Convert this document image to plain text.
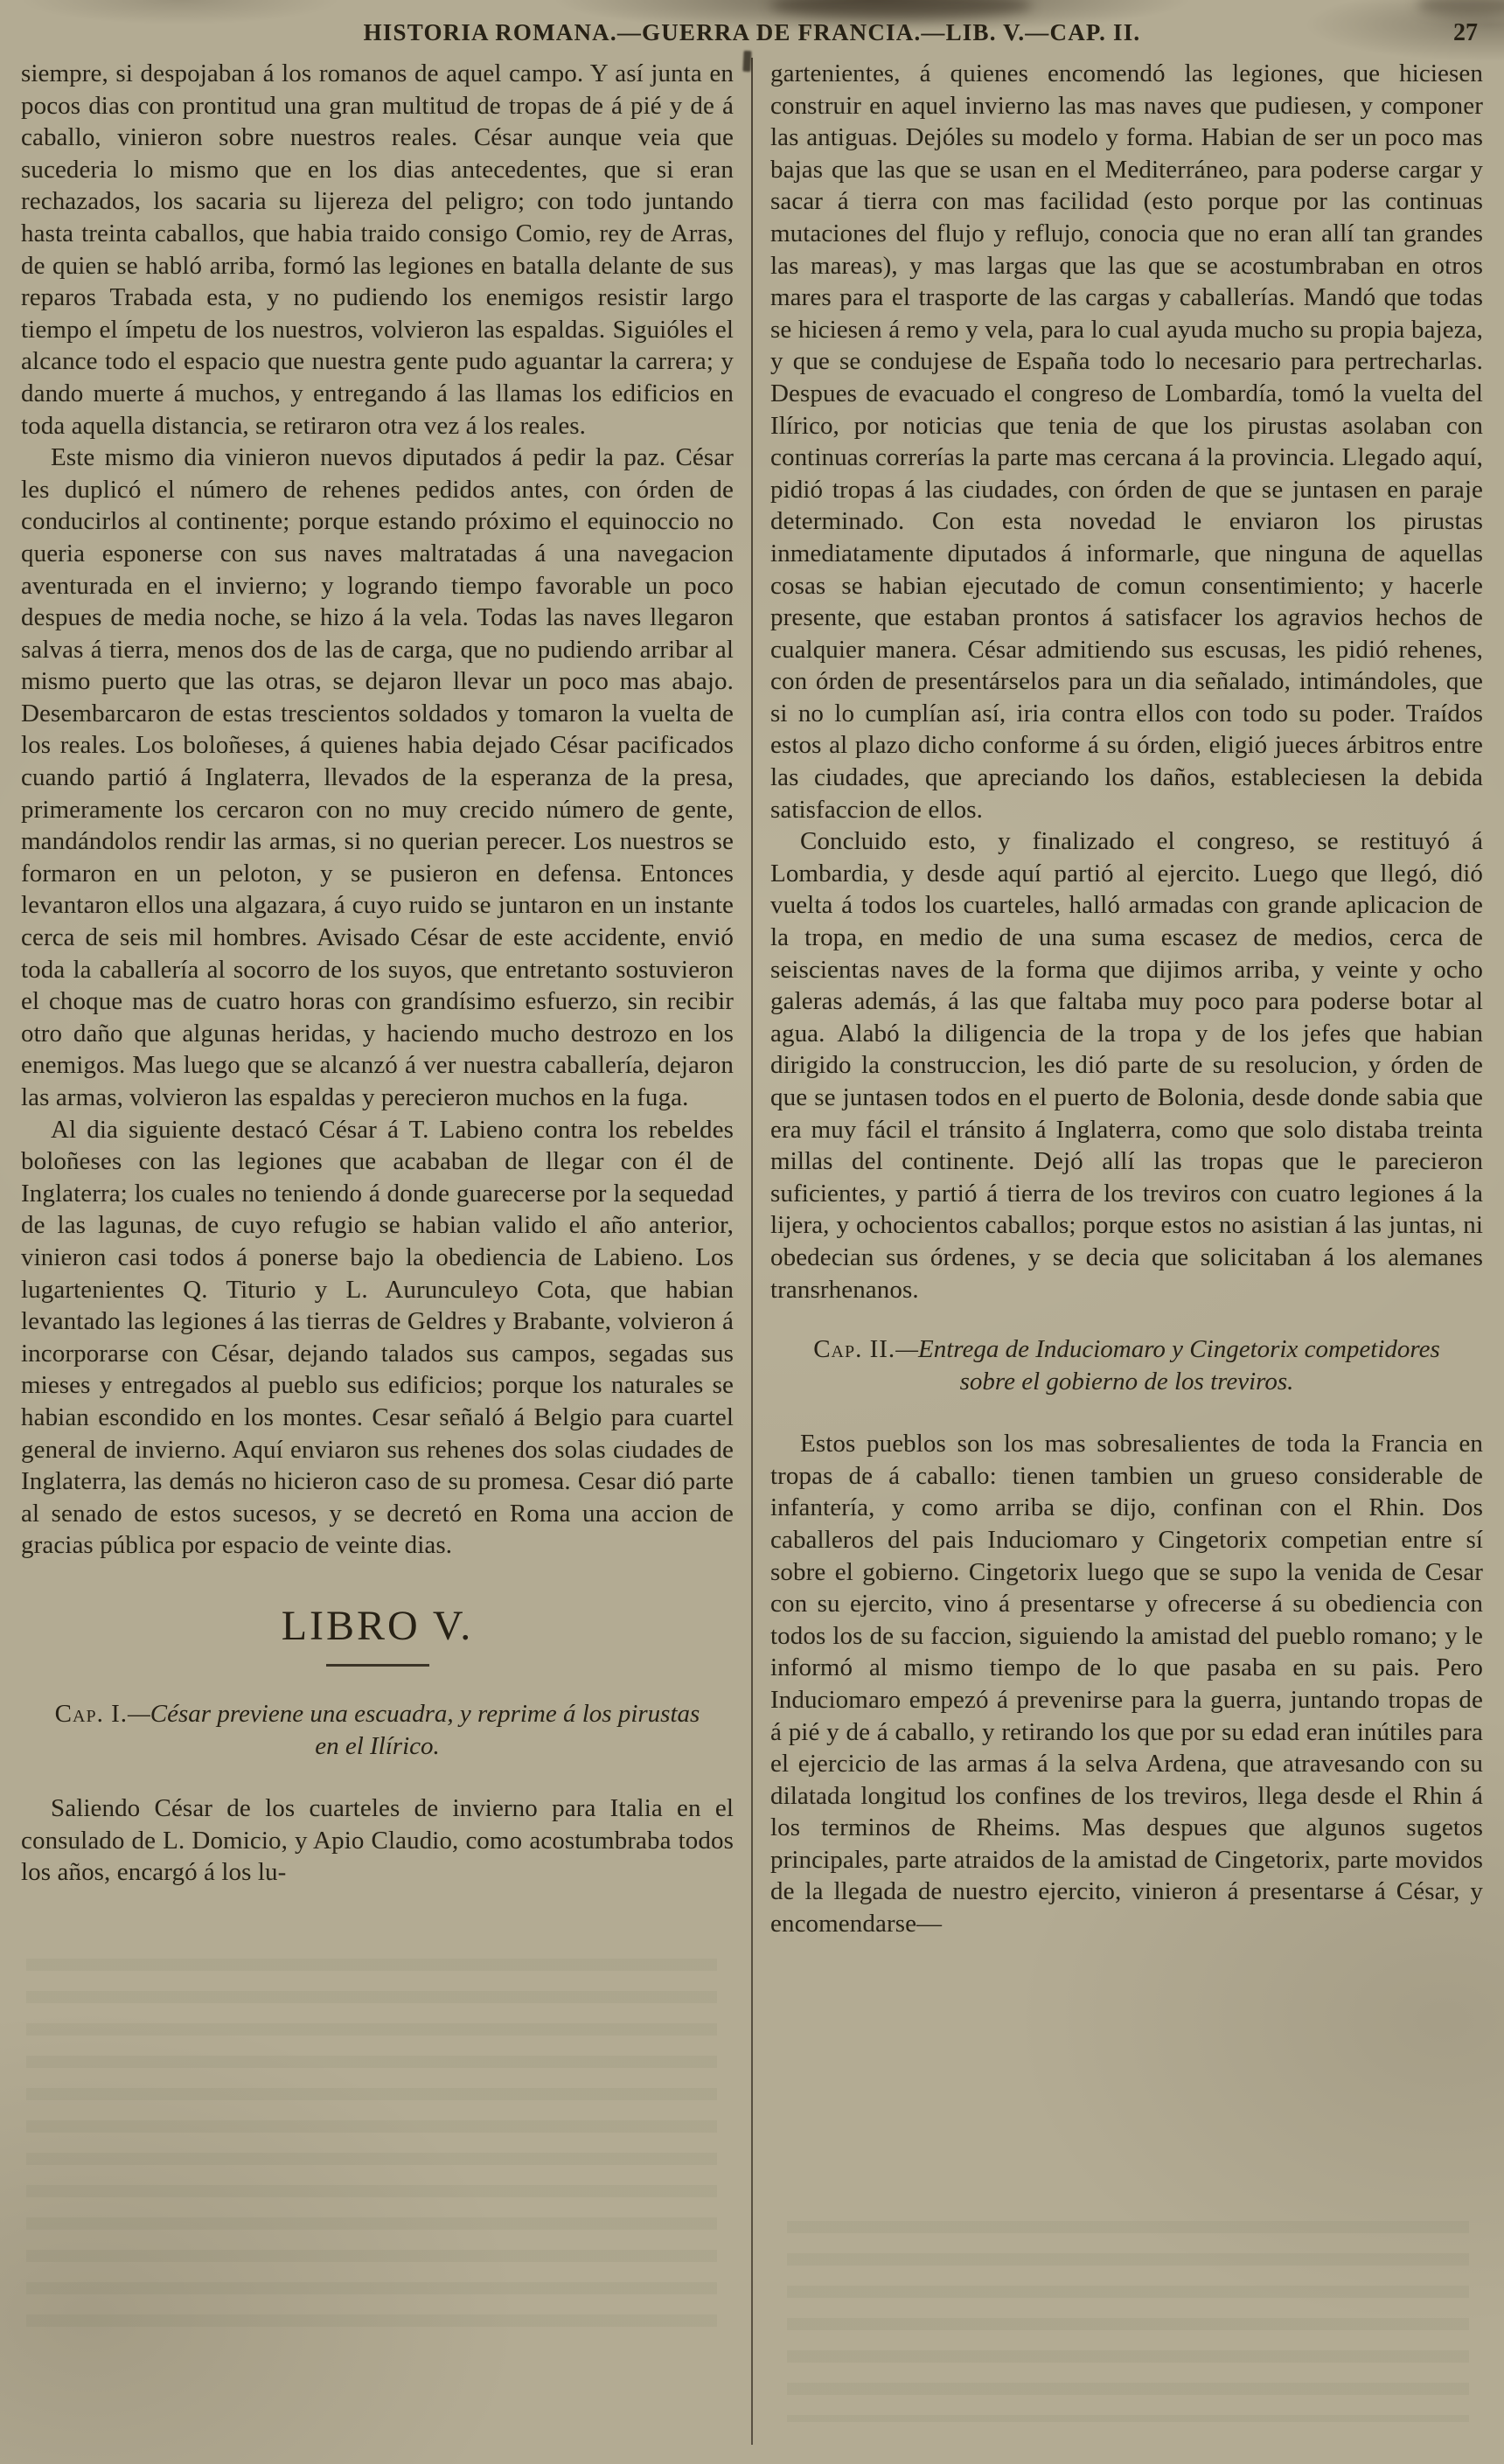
HISTORIA ROMANA.—GUERRA DE FRANCIA.—LIB. V.—CAP. II.	27

siempre, si despojaban á los romanos de aquel campo. Y así junta en pocos dias con prontitud una gran multitud de tropas de á pié y de á caballo, vinieron sobre nuestros reales. César aunque veia que sucederia lo mismo que en los dias antecedentes, que si eran rechazados, los sacaria su lijereza del peligro; con todo juntando hasta treinta caballos, que habia traido consigo Comio, rey de Arras, de quien se habló arriba, formó las legiones en batalla delante de sus reparos Trabada esta, y no pudiendo los enemigos resistir largo tiempo el ímpetu de los nuestros, volvieron las espaldas. Siguióles el alcance todo el espacio que nuestra gente pudo aguantar la carrera; y dando muerte á muchos, y entregando á las llamas los edificios en toda aquella distancia, se retiraron otra vez á los reales.

Este mismo dia vinieron nuevos diputados á pedir la paz. César les duplicó el número de rehenes pedidos antes, con órden de conducirlos al continente; porque estando próximo el equinoccio no queria esponerse con sus naves maltratadas á una navegacion aventurada en el invierno; y logrando tiempo favorable un poco despues de media noche, se hizo á la vela. Todas las naves llegaron salvas á tierra, menos dos de las de carga, que no pudiendo arribar al mismo puerto que las otras, se dejaron llevar un poco mas abajo. Desembarcaron de estas trescientos soldados y tomaron la vuelta de los reales. Los boloñeses, á quienes habia dejado César pacificados cuando partió á Inglaterra, llevados de la esperanza de la presa, primeramente los cercaron con no muy crecido número de gente, mandándolos rendir las armas, si no querian perecer. Los nuestros se formaron en un peloton, y se pusieron en defensa. Entonces levantaron ellos una algazara, á cuyo ruido se juntaron en un instante cerca de seis mil hombres. Avisado César de este accidente, envió toda la caballería al socorro de los suyos, que entretanto sostuvieron el choque mas de cuatro horas con grandísimo esfuerzo, sin recibir otro daño que algunas heridas, y haciendo mucho destrozo en los enemigos. Mas luego que se alcanzó á ver nuestra caballería, dejaron las armas, volvieron las espaldas y perecieron muchos en la fuga.

Al dia siguiente destacó César á T. Labieno contra los rebeldes boloñeses con las legiones que acababan de llegar con él de Inglaterra; los cuales no teniendo á donde guarecerse por la sequedad de las lagunas, de cuyo refugio se habian valido el año anterior, vinieron casi todos á ponerse bajo la obediencia de Labieno. Los lugartenientes Q. Titurio y L. Aurunculeyo Cota, que habian levantado las legiones á las tierras de Geldres y Brabante, volvieron á incorporarse con César, dejando talados sus campos, segadas sus mieses y entregados al pueblo sus edificios; porque los naturales se habian escondido en los montes. Cesar señaló á Belgio para cuartel general de invierno. Aquí enviaron sus rehenes dos solas ciudades de Inglaterra, las demás no hicieron caso de su promesa. Cesar dió parte al senado de estos sucesos, y se decretó en Roma una accion de gracias pública por espacio de veinte dias.

LIBRO V.
Cap. I.—César previene una escuadra, y reprime á los pirustas en el Ilírico.

Saliendo César de los cuarteles de invierno para Italia en el consulado de L. Domicio, y Apio Claudio, como acostumbraba todos los años, encargó á los lu-

gartenientes, á quienes encomendó las legiones, que hiciesen construir en aquel invierno las mas naves que pudiesen, y componer las antiguas. Dejóles su modelo y forma. Habian de ser un poco mas bajas que las que se usan en el Mediterráneo, para poderse cargar y sacar á tierra con mas facilidad (esto porque por las continuas mutaciones del flujo y reflujo, conocia que no eran allí tan grandes las mareas), y mas largas que las que se acostumbraban en otros mares para el trasporte de las cargas y caballerías. Mandó que todas se hiciesen á remo y vela, para lo cual ayuda mucho su propia bajeza, y que se condujese de España todo lo necesario para pertrecharlas. Despues de evacuado el congreso de Lombardía, tomó la vuelta del Ilírico, por noticias que tenia de que los pirustas asolaban con continuas correrías la parte mas cercana á la provincia. Llegado aquí, pidió tropas á las ciudades, con órden de que se juntasen en paraje determinado. Con esta novedad le enviaron los pirustas inmediatamente diputados á informarle, que ninguna de aquellas cosas se habian ejecutado de comun consentimiento; y hacerle presente, que estaban prontos á satisfacer los agravios hechos de cualquier manera. César admitiendo sus escusas, les pidió rehenes, con órden de presentárselos para un dia señalado, intimándoles, que si no lo cumplían así, iria contra ellos con todo su poder. Traídos estos al plazo dicho conforme á su órden, eligió jueces árbitros entre las ciudades, que apreciando los daños, estableciesen la debida satisfaccion de ellos.

Concluido esto, y finalizado el congreso, se restituyó á Lombardia, y desde aquí partió al ejercito. Luego que llegó, dió vuelta á todos los cuarteles, halló armadas con grande aplicacion de la tropa, en medio de una suma escasez de medios, cerca de seiscientas naves de la forma que dijimos arriba, y veinte y ocho galeras además, á las que faltaba muy poco para poderse botar al agua. Alabó la diligencia de la tropa y de los jefes que habian dirigido la construccion, les dió parte de su resolucion, y órden de que se juntasen todos en el puerto de Bolonia, desde donde sabia que era muy fácil el tránsito á Inglaterra, como que solo distaba treinta millas del continente. Dejó allí las tropas que le parecieron suficientes, y partió á tierra de los treviros con cuatro legiones á la lijera, y ochocientos caballos; porque estos no asistian á las juntas, ni obedecian sus órdenes, y se decia que solicitaban á los alemanes transrhenanos.

Cap. II.—Entrega de Induciomaro y Cingetorix competidores sobre el gobierno de los treviros.

Estos pueblos son los mas sobresalientes de toda la Francia en tropas de á caballo: tienen tambien un grueso considerable de infantería, y como arriba se dijo, confinan con el Rhin. Dos caballeros del pais Induciomaro y Cingetorix competian entre sí sobre el gobierno. Cingetorix luego que se supo la venida de Cesar con su ejercito, vino á presentarse y ofrecerse á su obediencia con todos los de su faccion, siguiendo la amistad del pueblo romano; y le informó al mismo tiempo de lo que pasaba en su pais. Pero Induciomaro empezó á prevenirse para la guerra, juntando tropas de á pié y de á caballo, y retirando los que por su edad eran inútiles para el ejercicio de las armas á la selva Ardena, que atravesando con su dilatada longitud los confines de los treviros, llega desde el Rhin á los terminos de Rheims. Mas despues que algunos sugetos principales, parte atraidos de la amistad de Cingetorix, parte movidos de la llegada de nuestro ejercito, vinieron á presentarse á César, y encomendarse—
